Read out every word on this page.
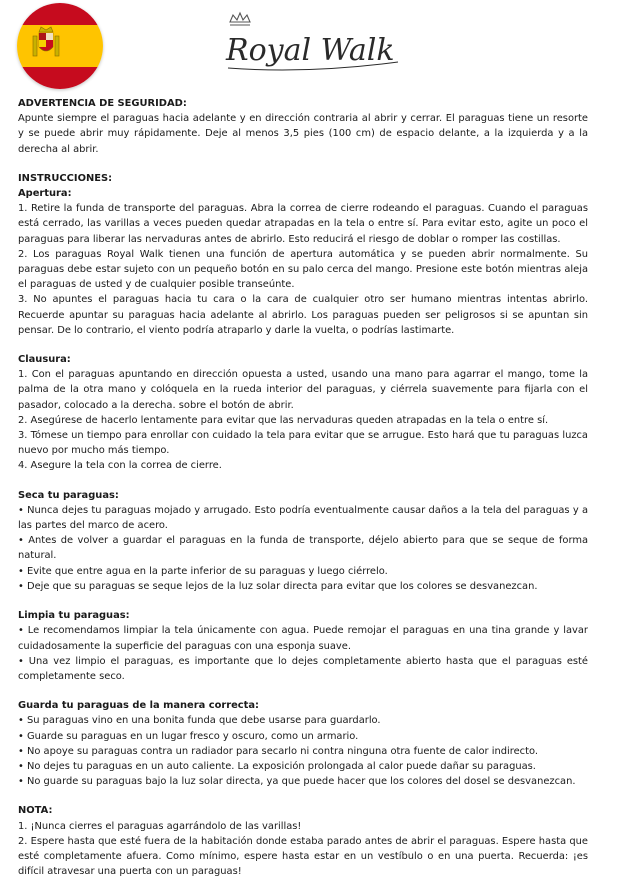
Royal Walk

ADVERTENCIA DE SEGURIDAD:

Apunte siempre el paraguas hacia adelante y en dirección contraria al abrir y cerrar. El paraguas tiene un resorte y se puede abrir muy rápidamente. Deje al menos 3,5 pies (100 cm) de espacio delante, a la izquierda y a la derecha al abrir.

INSTRUCCIONES:

Apertura:

1. Retire la funda de transporte del paraguas. Abra la correa de cierre rodeando el paraguas. Cuando el paraguas está cerrado, las varillas a veces pueden quedar atrapadas en la tela o entre sí. Para evitar esto, agite un poco el paraguas para liberar las nervaduras antes de abrirlo. Esto reducirá el riesgo de doblar o romper las costillas.

2. Los paraguas Royal Walk tienen una función de apertura automática y se pueden abrir normalmente. Su paraguas debe estar sujeto con un pequeño botón en su palo cerca del mango. Presione este botón mientras aleja el paraguas de usted y de cualquier posible transeúnte.

3. No apuntes el paraguas hacia tu cara o la cara de cualquier otro ser humano mientras intentas abrirlo. Recuerde apuntar su paraguas hacia adelante al abrirlo. Los paraguas pueden ser peligrosos si se apuntan sin pensar. De lo contrario, el viento podría atraparlo y darle la vuelta, o podrías lastimarte.

Clausura:

1. Con el paraguas apuntando en dirección opuesta a usted, usando una mano para agarrar el mango, tome la palma de la otra mano y colóquela en la rueda interior del paraguas, y ciérrela suavemente para fijarla con el pasador, colocado a la derecha. sobre el botón de abrir.

2. Asegúrese de hacerlo lentamente para evitar que las nervaduras queden atrapadas en la tela o entre sí.

3. Tómese un tiempo para enrollar con cuidado la tela para evitar que se arrugue. Esto hará que tu paraguas luzca nuevo por mucho más tiempo.

4. Asegure la tela con la correa de cierre.

Seca tu paraguas:

• Nunca dejes tu paraguas mojado y arrugado. Esto podría eventualmente causar daños a la tela del paraguas y a las partes del marco de acero.

• Antes de volver a guardar el paraguas en la funda de transporte, déjelo abierto para que se seque de forma natural.

• Evite que entre agua en la parte inferior de su paraguas y luego ciérrelo.

• Deje que su paraguas se seque lejos de la luz solar directa para evitar que los colores se desvanezcan.

Limpia tu paraguas:

• Le recomendamos limpiar la tela únicamente con agua. Puede remojar el paraguas en una tina grande y lavar cuidadosamente la superficie del paraguas con una esponja suave.

• Una vez limpio el paraguas, es importante que lo dejes completamente abierto hasta que el paraguas esté completamente seco.

Guarda tu paraguas de la manera correcta:

• Su paraguas vino en una bonita funda que debe usarse para guardarlo.

• Guarde su paraguas en un lugar fresco y oscuro, como un armario.

• No apoye su paraguas contra un radiador para secarlo ni contra ninguna otra fuente de calor indirecto.

• No dejes tu paraguas en un auto caliente. La exposición prolongada al calor puede dañar su paraguas.

• No guarde su paraguas bajo la luz solar directa, ya que puede hacer que los colores del dosel se desvanezcan.

NOTA:

1. ¡Nunca cierres el paraguas agarrándolo de las varillas!

2. Espere hasta que esté fuera de la habitación donde estaba parado antes de abrir el paraguas. Espere hasta que esté completamente afuera. Como mínimo, espere hasta estar en un vestíbulo o en una puerta. Recuerda: ¡es difícil atravesar una puerta con un paraguas!
